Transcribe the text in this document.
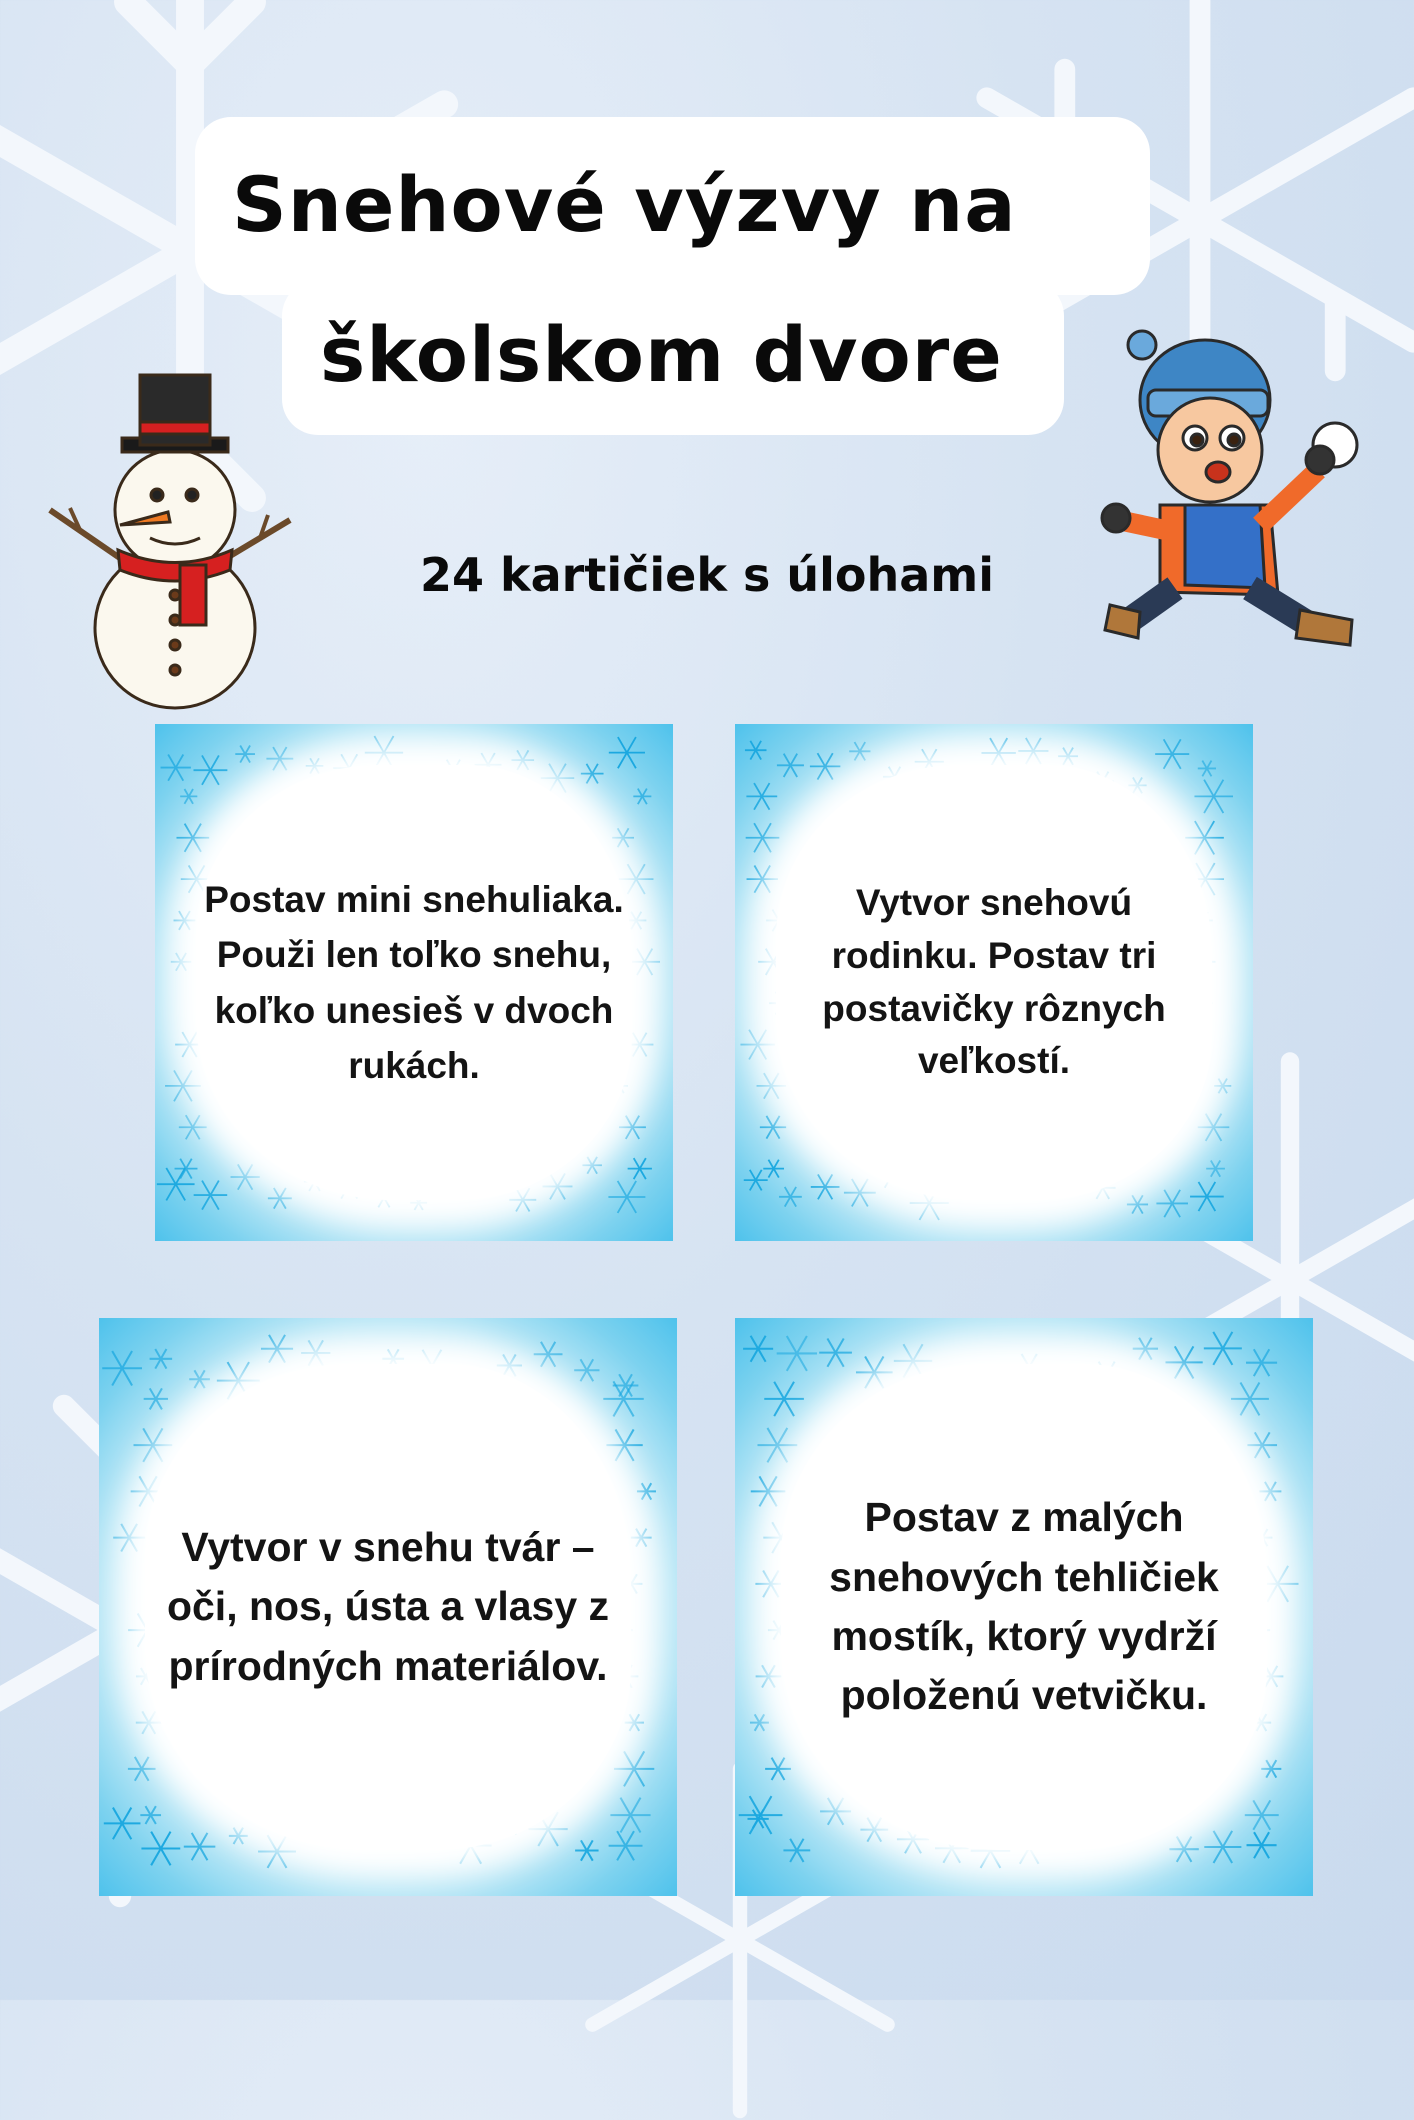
Snehové výzvy na
školskom dvore
24 kartičiek s úlohami
Postav mini snehuliaka. Použi len toľko snehu, koľko unesieš v dvoch rukách.
Vytvor snehovú rodinku. Postav tri postavičky rôznych veľkostí.
Vytvor v snehu tvár – oči, nos, ústa a vlasy z prírodných materiálov.
Postav z malých snehových tehličiek mostík, ktorý vydrží položenú vetvičku.
